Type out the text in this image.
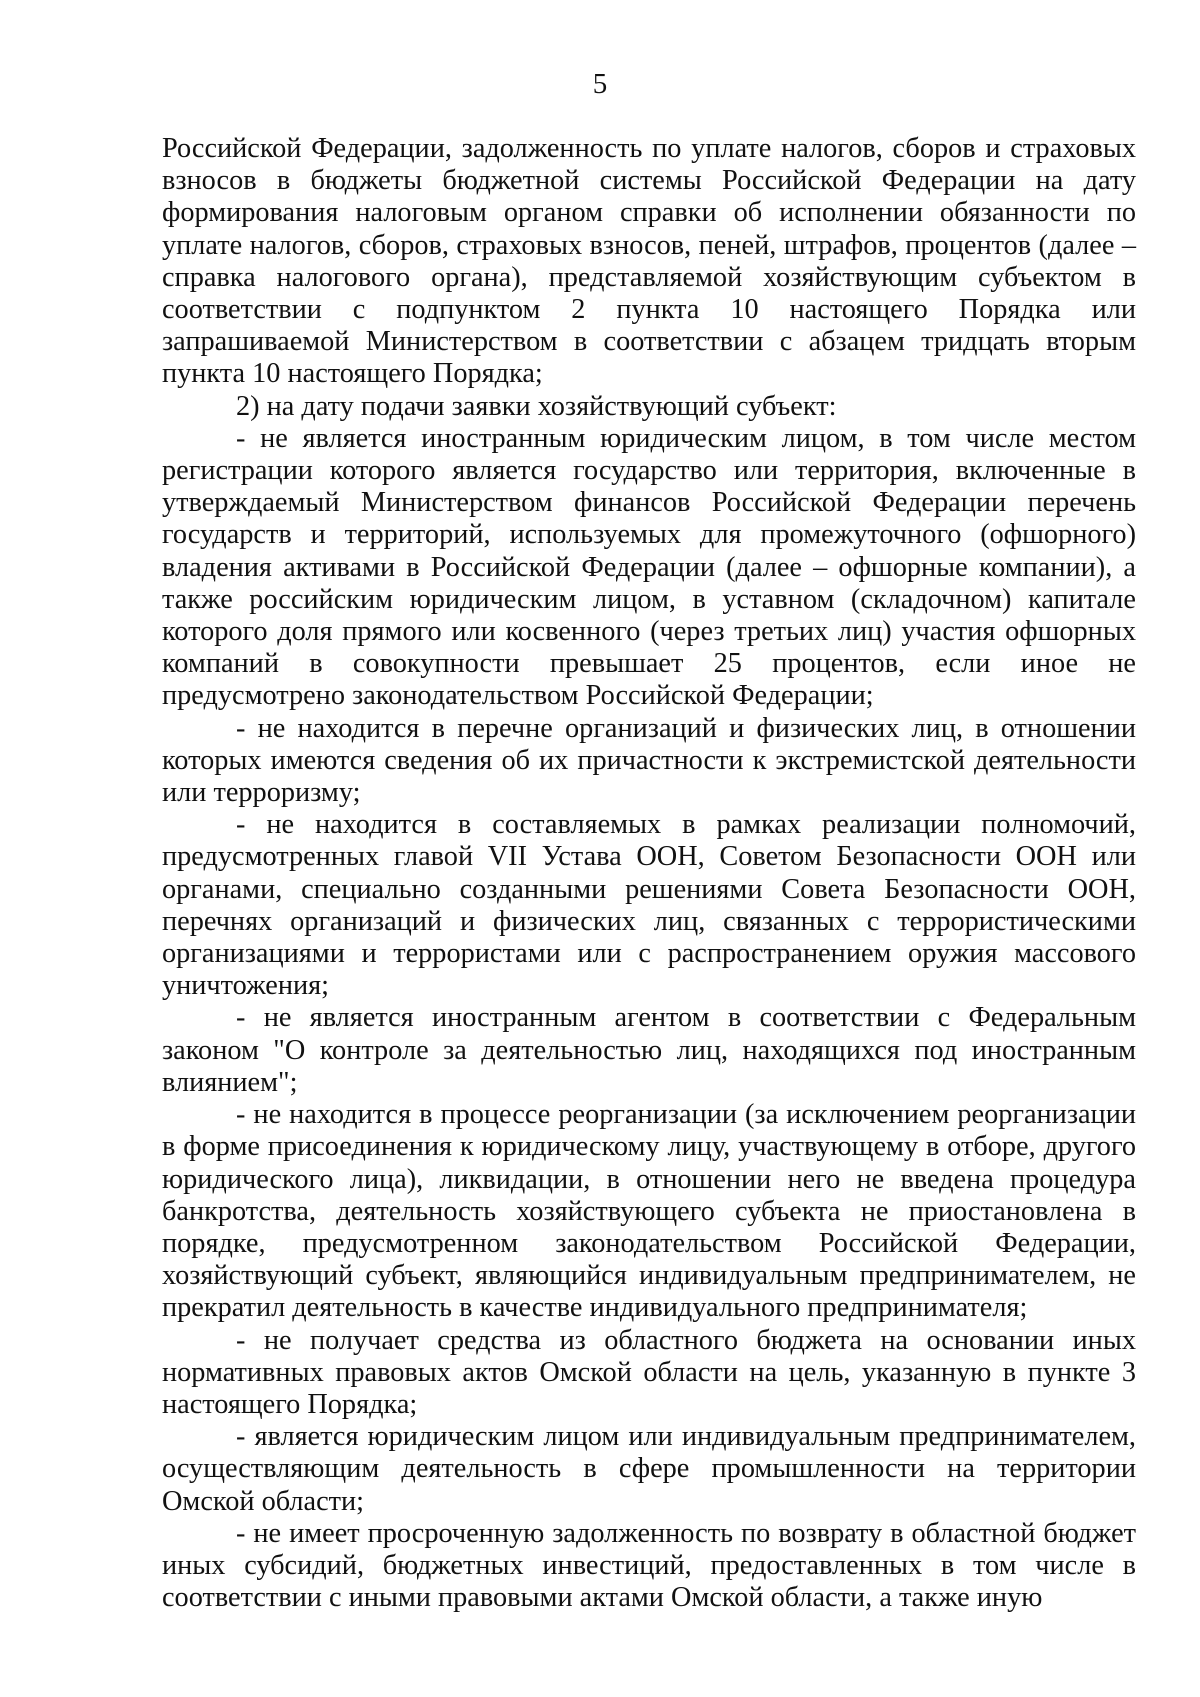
5

Российской Федерации, задолженность по уплате налогов, сборов и страховых взносов в бюджеты бюджетной системы Российской Федерации на дату формирования налоговым органом справки об исполнении обязанности по уплате налогов, сборов, страховых взносов, пеней, штрафов, процентов (далее – справка налогового органа), представляемой хозяйствующим субъектом в соответствии с подпунктом 2 пункта 10 настоящего Порядка или запрашиваемой Министерством в соответствии с абзацем тридцать вторым пункта 10 настоящего Порядка;

2) на дату подачи заявки хозяйствующий субъект:

- не является иностранным юридическим лицом, в том числе местом регистрации которого является государство или территория, включенные в утверждаемый Министерством финансов Российской Федерации перечень государств и территорий, используемых для промежуточного (офшорного) владения активами в Российской Федерации (далее – офшорные компании), а также российским юридическим лицом, в уставном (складочном) капитале которого доля прямого или косвенного (через третьих лиц) участия офшорных компаний в совокупности превышает 25 процентов, если иное не предусмотрено законодательством Российской Федерации;

- не находится в перечне организаций и физических лиц, в отношении которых имеются сведения об их причастности к экстремистской деятельности или терроризму;

- не находится в составляемых в рамках реализации полномочий, предусмотренных главой VII Устава ООН, Советом Безопасности ООН или органами, специально созданными решениями Совета Безопасности ООН, перечнях организаций и физических лиц, связанных с террористическими организациями и террористами или с распространением оружия массового уничтожения;

- не является иностранным агентом в соответствии с Федеральным законом "О контроле за деятельностью лиц, находящихся под иностранным влиянием";

- не находится в процессе реорганизации (за исключением реорганизации в форме присоединения к юридическому лицу, участвующему в отборе, другого юридического лица), ликвидации, в отношении него не введена процедура банкротства, деятельность хозяйствующего субъекта не приостановлена в порядке, предусмотренном законодательством Российской Федерации, хозяйствующий субъект, являющийся индивидуальным предпринимателем, не прекратил деятельность в качестве индивидуального предпринимателя;

- не получает средства из областного бюджета на основании иных нормативных правовых актов Омской области на цель, указанную в пункте 3 настоящего Порядка;

- является юридическим лицом или индивидуальным предпринимателем, осуществляющим деятельность в сфере промышленности на территории Омской области;

- не имеет просроченную задолженность по возврату в областной бюджет иных субсидий, бюджетных инвестиций, предоставленных в том числе в соответствии с иными правовыми актами Омской области, а также иную
